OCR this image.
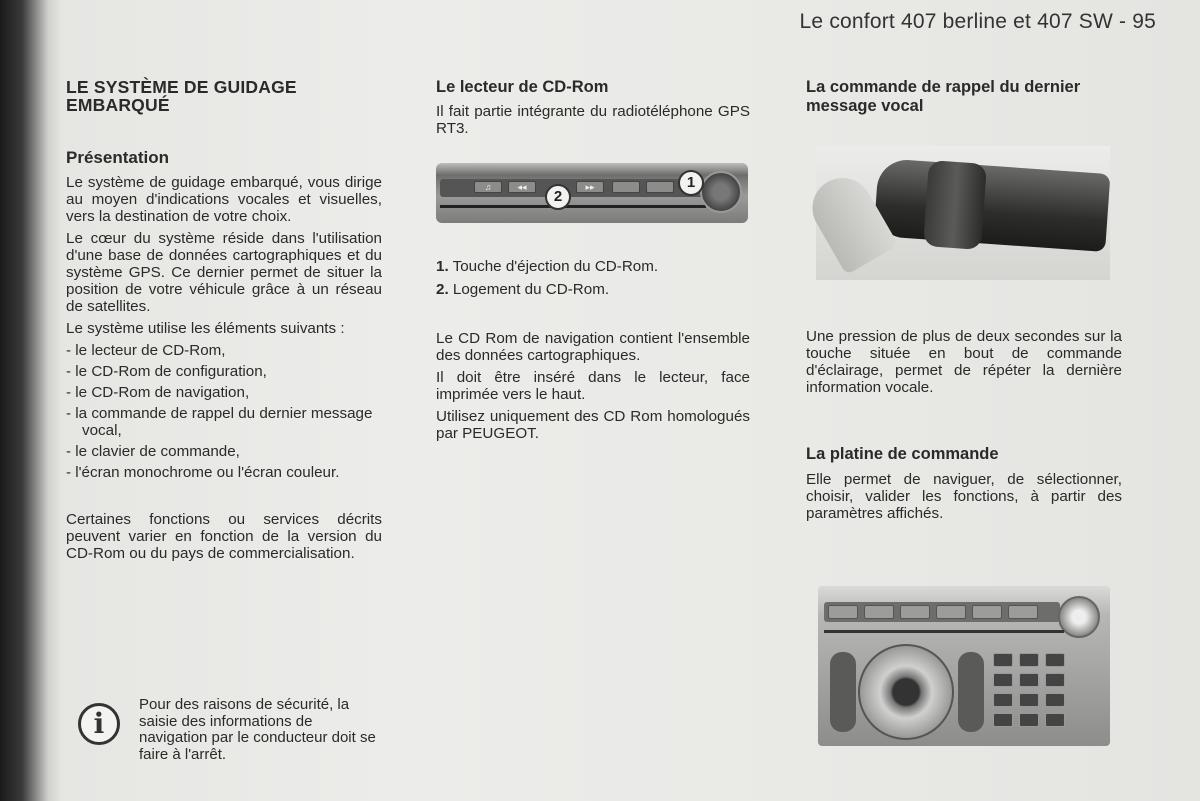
Le confort 407 berline et 407 SW - 95
LE SYSTÈME DE GUIDAGE EMBARQUÉ
Présentation

Le système de guidage embarqué, vous dirige au moyen d'indications vocales et visuelles, vers la destination de votre choix.

Le cœur du système réside dans l'utilisation d'une base de données cartographiques et du système GPS. Ce dernier permet de situer la position de votre véhicule grâce à un réseau de satellites.

Le système utilise les éléments suivants :

- le lecteur de CD-Rom,
- le CD-Rom de configuration,
- le CD-Rom de navigation,
- la commande de rappel du dernier message vocal,
- le clavier de commande,
- l'écran monochrome ou l'écran couleur.

Certaines fonctions ou services décrits peuvent varier en fonction de la version du CD-Rom ou du pays de commercialisation.

i
Pour des raisons de sécurité, la saisie des informations de navigation par le conducteur doit se faire à l'arrêt.
Le lecteur de CD-Rom

Il fait partie intégrante du radiotéléphone GPS RT3.

1. Touche d'éjection du CD-Rom.
2. Logement du CD-Rom.

Le CD Rom de navigation contient l'ensemble des données cartographiques.

Il doit être inséré dans le lecteur, face imprimée vers le haut.

Utilisez uniquement des CD Rom homologués par PEUGEOT.

♫	◂◂	▸▸	1
2
La commande de rappel du dernier message vocal

Une pression de plus de deux secondes sur la touche située en bout de commande d'éclairage, permet de répéter la dernière information vocale.

La platine de commande

Elle permet de naviguer, de sélectionner, choisir, valider les fonctions, à partir des paramètres affichés.
